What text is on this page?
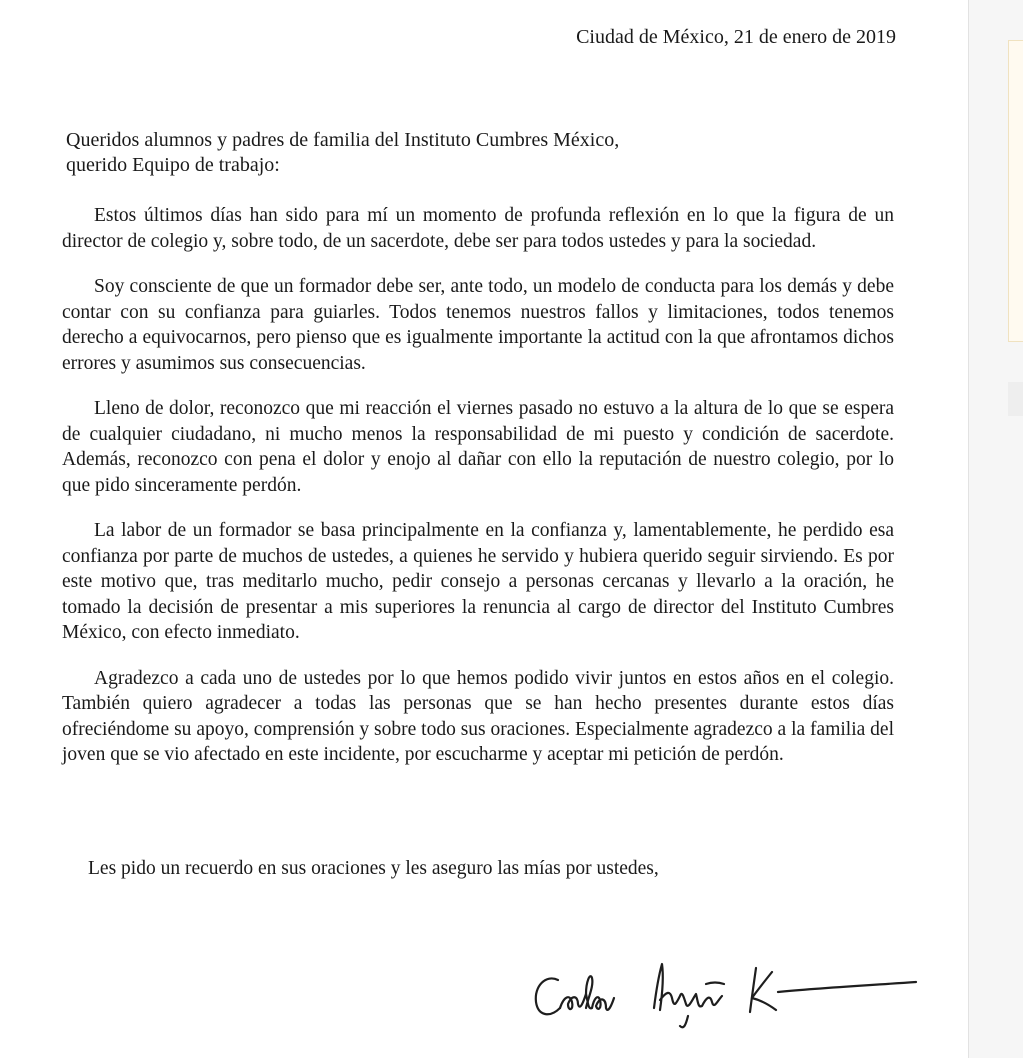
Ciudad de México, 21 de enero de 2019
Queridos alumnos y padres de familia del Instituto Cumbres México,
querido Equipo de trabajo:

Estos últimos días han sido para mí un momento de profunda reflexión en lo que la figura de un director de colegio y, sobre todo, de un sacerdote, debe ser para todos ustedes y para la sociedad.

Soy consciente de que un formador debe ser, ante todo, un modelo de conducta para los demás y debe contar con su confianza para guiarles. Todos tenemos nuestros fallos y limitaciones, todos tenemos derecho a equivocarnos, pero pienso que es igualmente importante la actitud con la que afrontamos dichos errores y asumimos sus consecuencias.

Lleno de dolor, reconozco que mi reacción el viernes pasado no estuvo a la altura de lo que se espera de cualquier ciudadano, ni mucho menos la responsabilidad de mi puesto y condición de sacerdote. Además, reconozco con pena el dolor y enojo al dañar con ello la reputación de nuestro colegio, por lo que pido sinceramente perdón.

La labor de un formador se basa principalmente en la confianza y, lamentablemente, he perdido esa confianza por parte de muchos de ustedes, a quienes he servido y hubiera querido seguir sirviendo. Es por este motivo que, tras meditarlo mucho, pedir consejo a personas cercanas y llevarlo a la oración, he tomado la decisión de presentar a mis superiores la renuncia al cargo de director del Instituto Cumbres México, con efecto inmediato.

Agradezco a cada uno de ustedes por lo que hemos podido vivir juntos en estos años en el colegio. También quiero agradecer a todas las personas que se han hecho presentes durante estos días ofreciéndome su apoyo, comprensión y sobre todo sus oraciones. Especialmente agradezco a la familia del joven que se vio afectado en este incidente, por escucharme y aceptar mi petición de perdón.

Les pido un recuerdo en sus oraciones y les aseguro las mías por ustedes,
